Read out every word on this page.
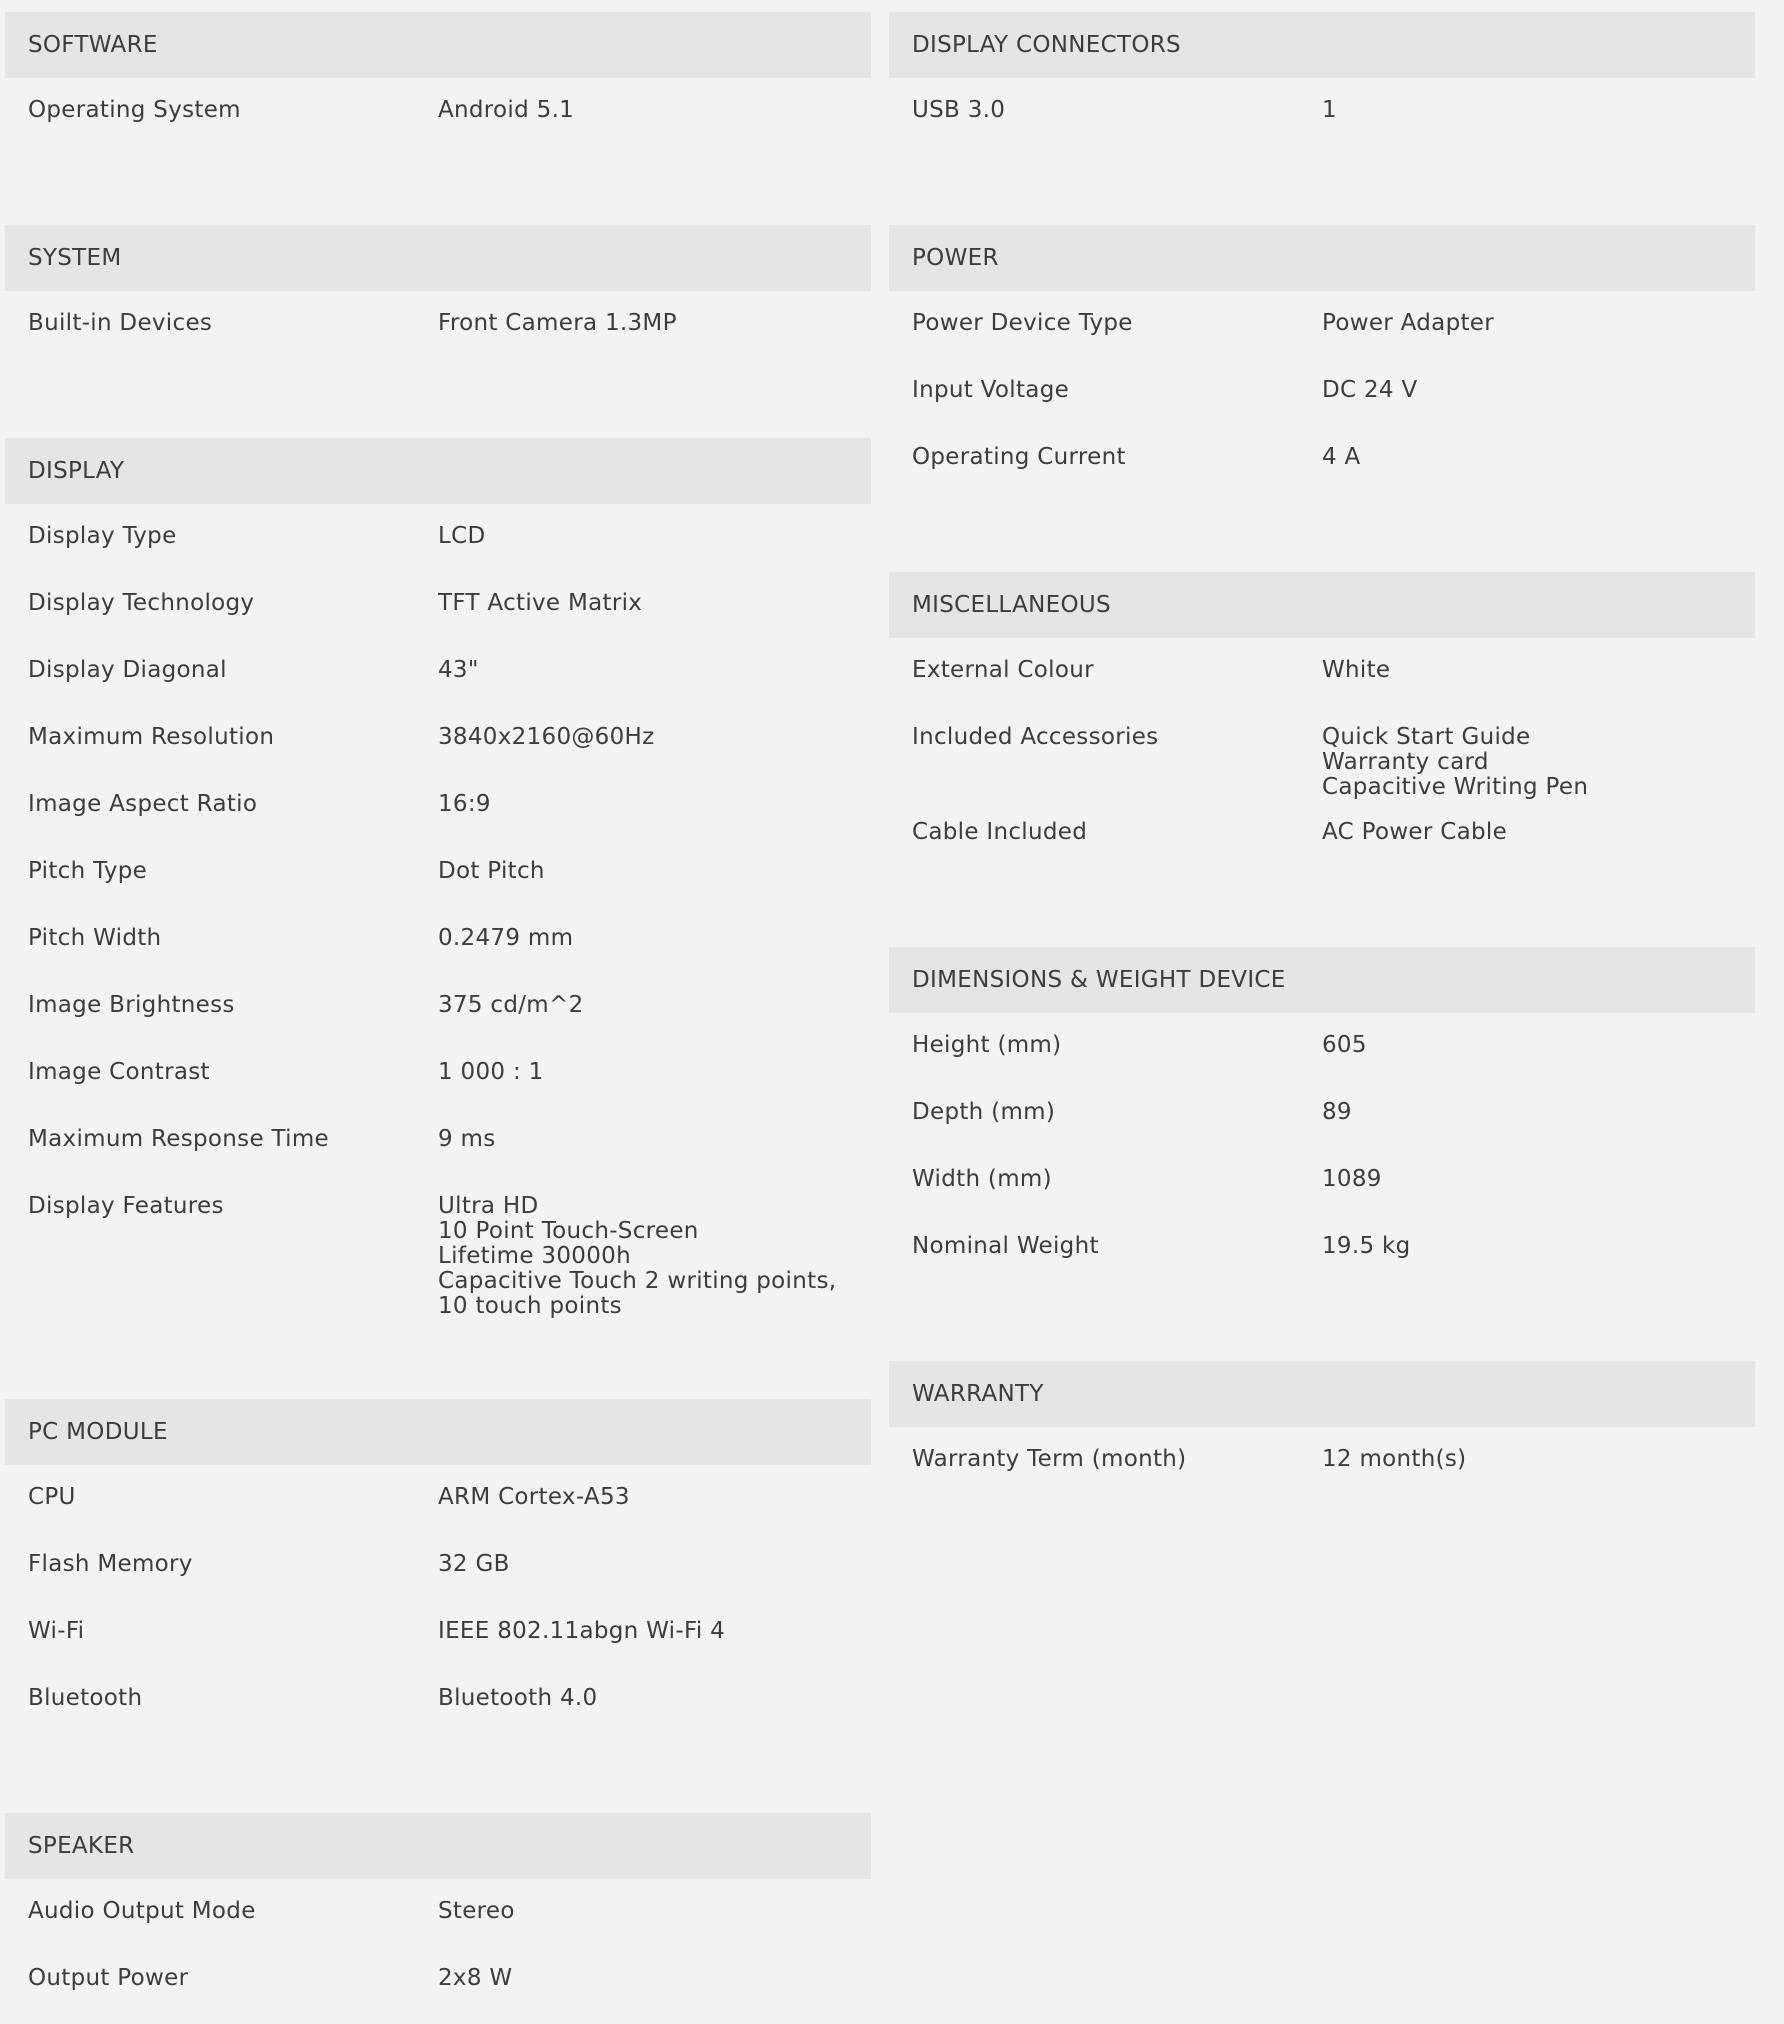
SOFTWARE
Operating System	Android 5.1
SYSTEM
Built-in Devices	Front Camera 1.3MP
DISPLAY
Display Type	LCD
Display Technology	TFT Active Matrix
Display Diagonal	43"
Maximum Resolution	3840x2160@60Hz
Image Aspect Ratio	16:9
Pitch Type	Dot Pitch
Pitch Width	0.2479 mm
Image Brightness	375 cd/m^2
Image Contrast	1 000 : 1
Maximum Response Time	9 ms
Display Features	Ultra HD
10 Point Touch-Screen
Lifetime 30000h
Capacitive Touch 2 writing points,
10 touch points
PC MODULE
CPU	ARM Cortex-A53
Flash Memory	32 GB
Wi-Fi	IEEE 802.11abgn Wi-Fi 4
Bluetooth	Bluetooth 4.0
SPEAKER
Audio Output Mode	Stereo
Output Power	2x8 W
DISPLAY CONNECTORS
USB 3.0	1
POWER
Power Device Type	Power Adapter
Input Voltage	DC 24 V
Operating Current	4 A
MISCELLANEOUS
External Colour	White
Included Accessories	Quick Start Guide
Warranty card
Capacitive Writing Pen
Cable Included	AC Power Cable
DIMENSIONS & WEIGHT DEVICE
Height (mm)	605
Depth (mm)	89
Width (mm)	1089
Nominal Weight	19.5 kg
WARRANTY
Warranty Term (month)	12 month(s)
